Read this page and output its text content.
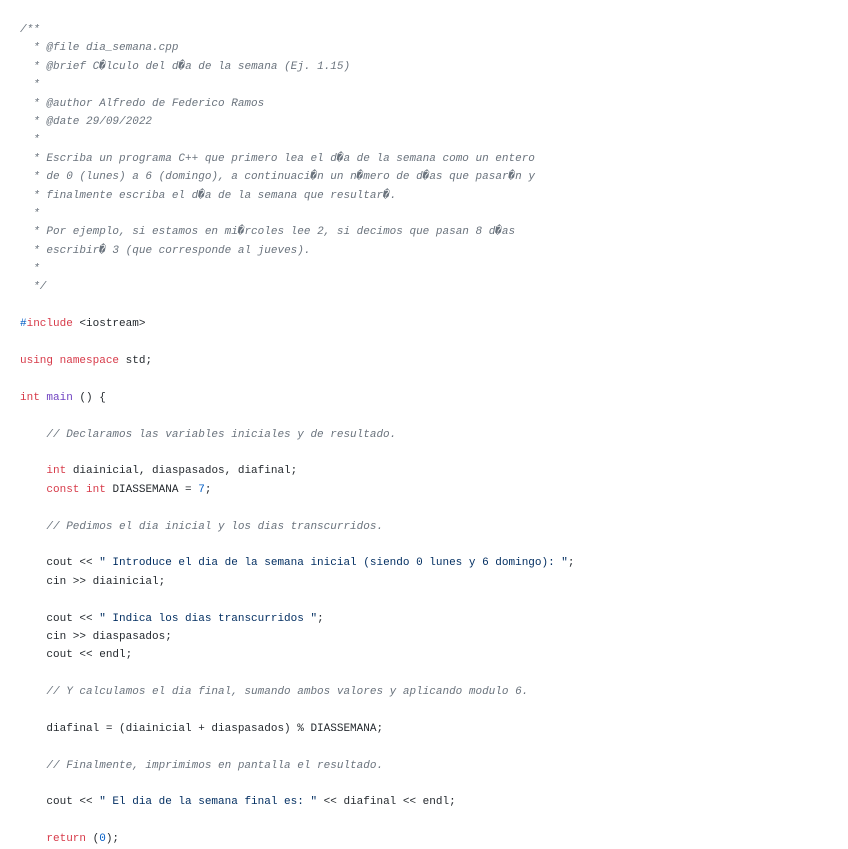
/**
* @file dia_semana.cpp
* @brief C�lculo del d�a de la semana (Ej. 1.15)
*
* @author Alfredo de Federico Ramos
* @date 29/09/2022
*
* Escriba un programa C++ que primero lea el d�a de la semana como un entero
* de 0 (lunes) a 6 (domingo), a continuaci�n un n�mero de d�as que pasar�n y
* finalmente escriba el d�a de la semana que resultar�.
*
* Por ejemplo, si estamos en mi�rcoles lee 2, si decimos que pasan 8 d�as
* escribir� 3 (que corresponde al jueves).
*
*/
#include <iostream>
using namespace std;
int main () {
// Declaramos las variables iniciales y de resultado.
int diainicial, diaspasados, diafinal;
const int DIASSEMANA = 7;
// Pedimos el dia inicial y los dias transcurridos.
cout << " Introduce el dia de la semana inicial (siendo 0 lunes y 6 domingo): ";
cin >> diainicial;
cout << " Indica los dias transcurridos ";
cin >> diaspasados;
cout << endl;
// Y calculamos el dia final, sumando ambos valores y aplicando modulo 6.
diafinal = (diainicial + diaspasados) % DIASSEMANA;
// Finalmente, imprimimos en pantalla el resultado.
cout << " El dia de la semana final es: " << diafinal << endl;
return (0);
